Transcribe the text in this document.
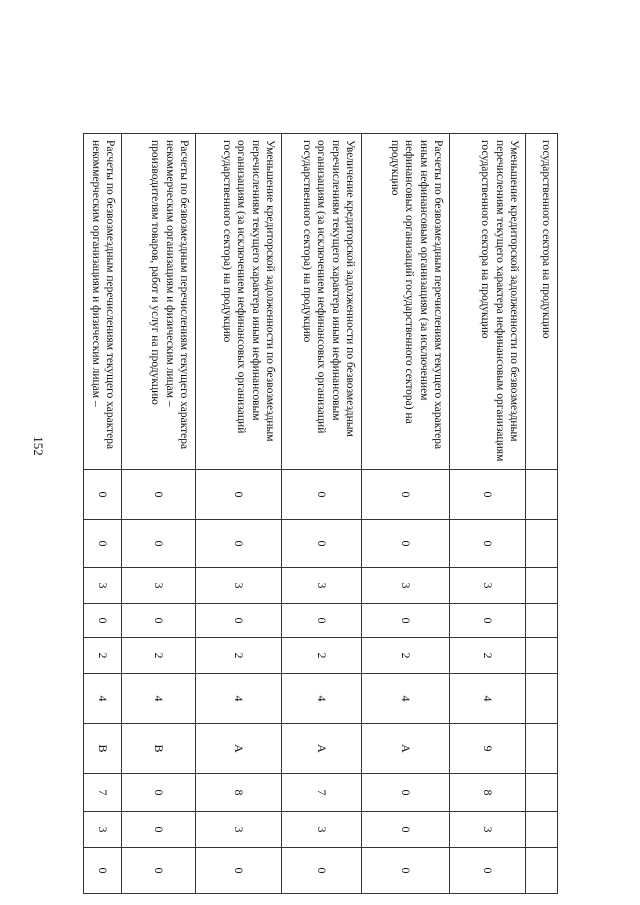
152
государственного сектора на продукцию										
Уменьшение кредиторской задолженности по безвозмездным перечислениям текущего характера нефинансовым организациям государственного сектора на продукцию	0	0	3	0	2	4	9	8	3	0
Расчеты по безвозмездным перечислениям текущего характера иным нефинансовым организациям (за исключением нефинансовых организаций государственного сектора) на продукцию	0	0	3	0	2	4	А	0	0	0
Увеличение кредиторской задолженности по безвозмездным перечислениям текущего характера иным нефинансовым организациям (за исключением нефинансовых организаций государственного сектора) на продукцию	0	0	3	0	2	4	А	7	3	0
Уменьшение кредиторской задолженности по безвозмездным перечислениям текущего характера иным нефинансовым организациям (за исключением нефинансовых организаций государственного сектора) на продукцию	0	0	3	0	2	4	А	8	3	0
Расчеты по безвозмездным перечислениям текущего характера некоммерческим организациям и физическим лицам – производителям товаров, работ и услуг на продукцию	0	0	3	0	2	4	В	0	0	0
Расчеты по безвозмездным перечислениям текущего характера некоммерческим организациям и физическим лицам –	0	0	3	0	2	4	В	7	3	0
